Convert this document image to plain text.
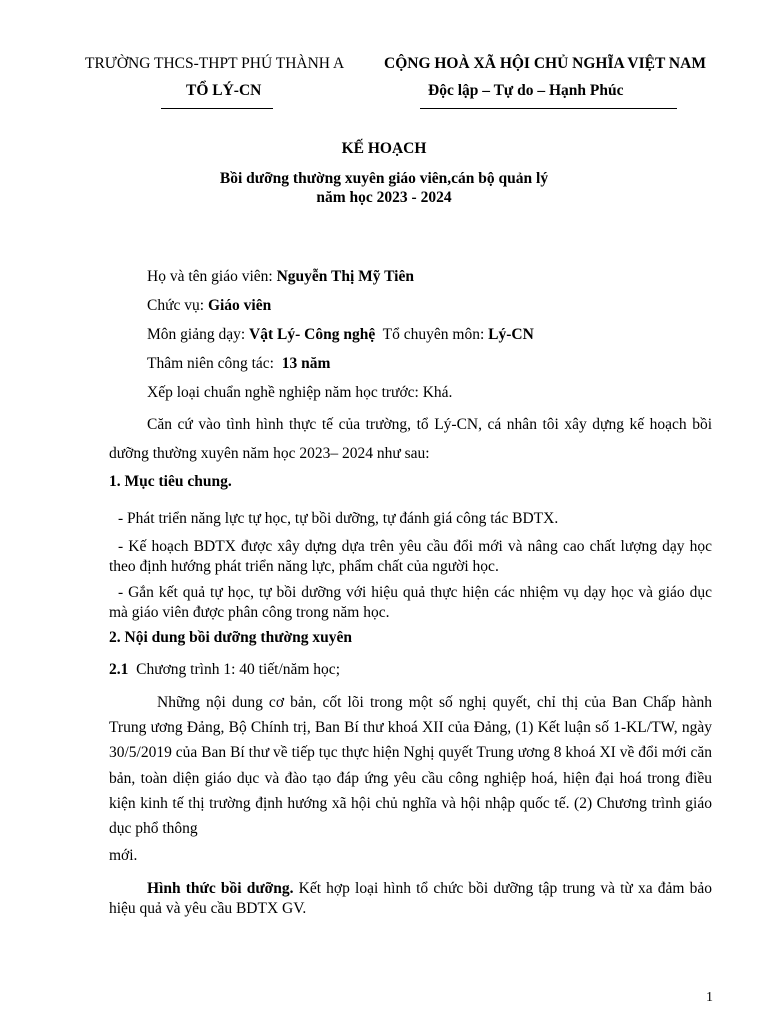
TRƯỜNG THCS-THPT PHÚ THÀNH A
TỔ LÝ-CN
CỘNG HOÀ XÃ HỘI CHỦ NGHĨA VIỆT NAM
Độc lập – Tự do – Hạnh Phúc
KẾ HOẠCH
Bồi dưỡng thường xuyên giáo viên,cán bộ quản lý
năm học 2023 - 2024
Họ và tên giáo viên: Nguyễn Thị Mỹ Tiên
Chức vụ: Giáo viên
Môn giảng dạy: Vật Lý- Công nghệ  Tổ chuyên môn: Lý-CN
Thâm niên công tác:  13 năm
Xếp loại chuẩn nghề nghiệp năm học trước: Khá.
Căn cứ vào tình hình thực tế của trường, tổ Lý-CN, cá nhân tôi xây dựng kế hoạch bồi dưỡng thường xuyên năm học 2023– 2024 như sau:
1. Mục tiêu chung.
- Phát triển năng lực tự học, tự bồi dưỡng, tự đánh giá công tác BDTX.
- Kế hoạch BDTX được xây dựng dựa trên yêu cầu đổi mới và nâng cao chất lượng dạy học theo định hướng phát triển năng lực, phẩm chất của người học.
- Gắn kết quả tự học, tự bồi dưỡng với hiệu quả thực hiện các nhiệm vụ dạy học và giáo dục mà giáo viên được phân công trong năm học.
2. Nội dung bồi dưỡng thường xuyên
2.1  Chương trình 1: 40 tiết/năm học;
Những nội dung cơ bản, cốt lõi trong một số nghị quyết, chỉ thị của Ban Chấp hành Trung ương Đảng, Bộ Chính trị, Ban Bí thư khoá XII của Đảng, (1) Kết luận số 1-KL/TW, ngày 30/5/2019 của Ban Bí thư về tiếp tục thực hiện Nghị quyết Trung ương 8 khoá XI về đổi mới căn bản, toàn diện giáo dục và đào tạo đáp ứng yêu cầu công nghiệp hoá, hiện đại hoá trong điều kiện kinh tế thị trường định hướng xã hội chủ nghĩa và hội nhập quốc tế. (2) Chương trình giáo dục phổ thông
mới.
Hình thức bồi dưỡng. Kết hợp loại hình tổ chức bồi dưỡng tập trung và từ xa đảm bảo hiệu quả và yêu cầu BDTX GV.
1
